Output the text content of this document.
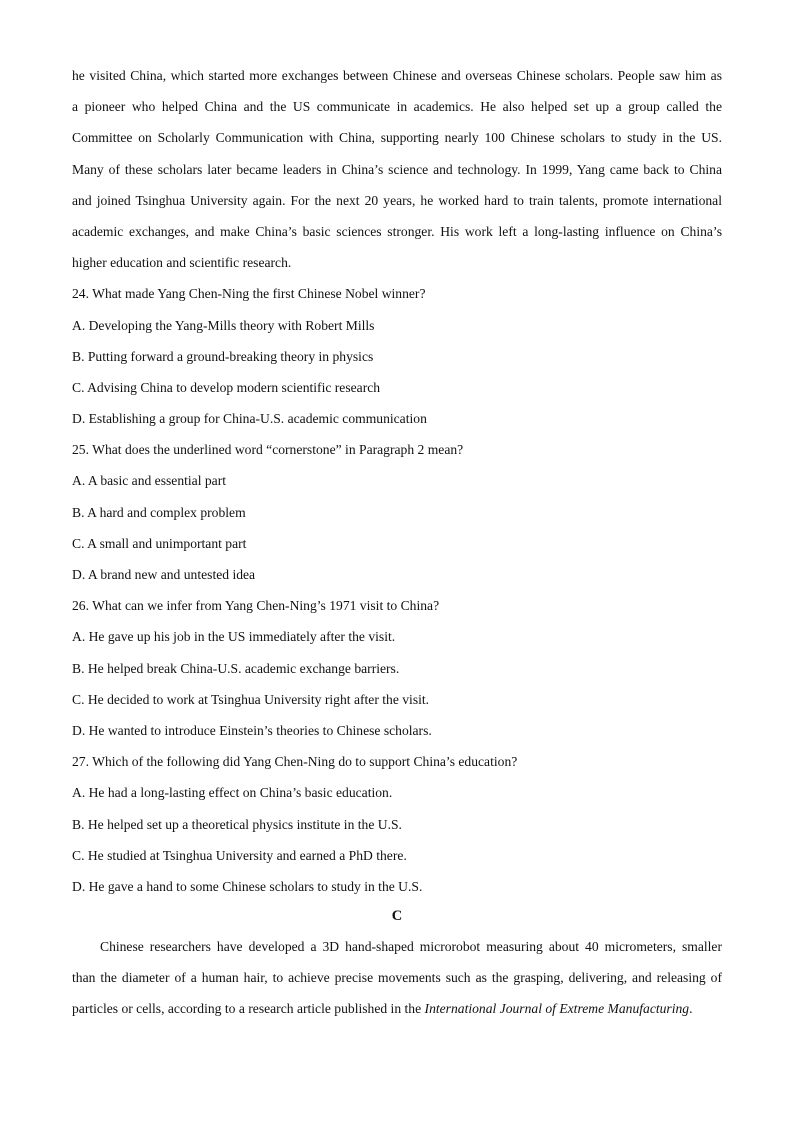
he visited China, which started more exchanges between Chinese and overseas Chinese scholars. People saw him as
a pioneer who helped China and the US communicate in academics. He also helped set up a group called the
Committee on Scholarly Communication with China, supporting nearly 100 Chinese scholars to study in the US.
Many of these scholars later became leaders in China’s science and technology. In 1999, Yang came back to China
and joined Tsinghua University again. For the next 20 years, he worked hard to train talents, promote international
academic exchanges, and make China’s basic sciences stronger. His work left a long-lasting influence on China’s
higher education and scientific research.
24. What made Yang Chen-Ning the first Chinese Nobel winner?
A. Developing the Yang-Mills theory with Robert Mills
B. Putting forward a ground-breaking theory in physics
C. Advising China to develop modern scientific research
D. Establishing a group for China-U.S. academic communication
25. What does the underlined word “cornerstone” in Paragraph 2 mean?
A. A basic and essential part
B. A hard and complex problem
C. A small and unimportant part
D. A brand new and untested idea
26. What can we infer from Yang Chen-Ning’s 1971 visit to China?
A. He gave up his job in the US immediately after the visit.
B. He helped break China-U.S. academic exchange barriers.
C. He decided to work at Tsinghua University right after the visit.
D. He wanted to introduce Einstein’s theories to Chinese scholars.
27. Which of the following did Yang Chen-Ning do to support China’s education?
A. He had a long-lasting effect on China’s basic education.
B. He helped set up a theoretical physics institute in the U.S.
C. He studied at Tsinghua University and earned a PhD there.
D. He gave a hand to some Chinese scholars to study in the U.S.
C
Chinese researchers have developed a 3D hand-shaped microrobot measuring about 40 micrometers, smaller
than the diameter of a human hair, to achieve precise movements such as the grasping, delivering, and releasing of
particles or cells, according to a research article published in the International Journal of Extreme Manufacturing.
